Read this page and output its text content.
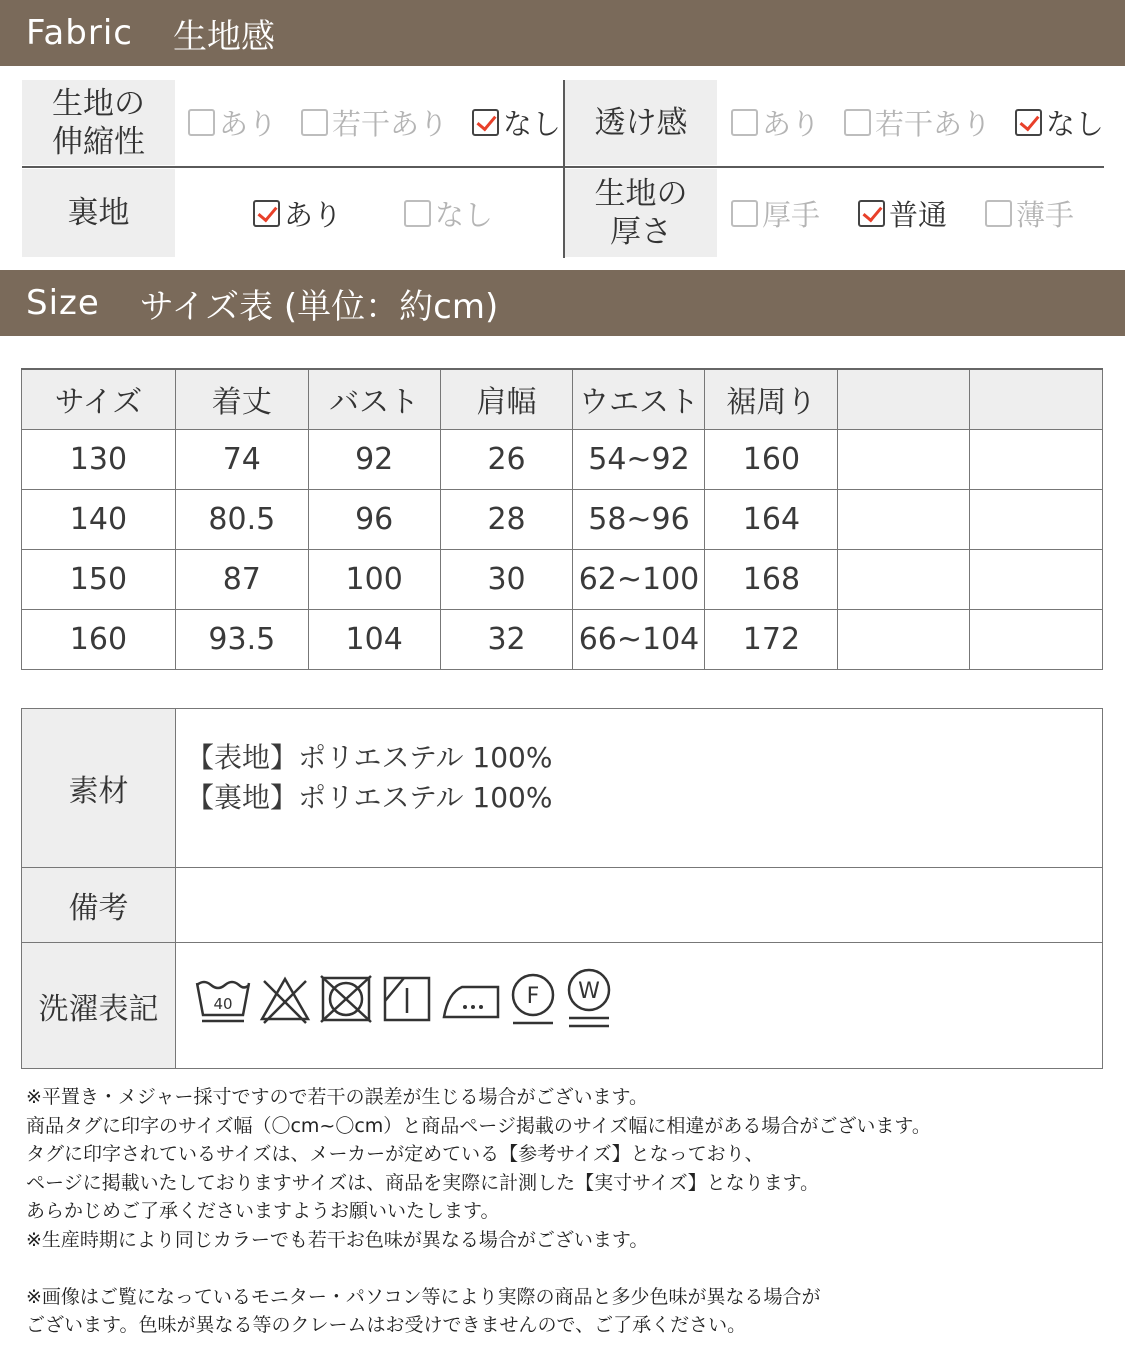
Fabric 生地感
生地の
伸縮性	あり 若干あり なし 透け感	あり 若干あり なし
裏地	あり	なし
生地の
厚さ	厚手 普通 薄手
Size サイズ表 (単位：約cm)
サイズ	着丈	バスト	肩幅	ウエスト	裾周り		
130	74	92	26	54~92	160		
140	80.5	96	28	58~96	164		
150	87	100	30	62~100	168		
160	93.5	104	32	66~104	172		
素材	【表地】ポリエステル 100%
【裏地】ポリエステル 100%

備考	
洗濯表記	40 F W
※平置き・メジャー採寸ですので若干の誤差が生じる場合がございます。
商品タグに印字のサイズ幅（〇cm~〇cm）と商品ページ掲載のサイズ幅に相違がある場合がございます。
タグに印字されているサイズは、メーカーが定めている【参考サイズ】となっており、
ページに掲載いたしておりますサイズは、商品を実際に計測した【実寸サイズ】となります。
あらかじめご了承くださいますようお願いいたします。
※生産時期により同じカラーでも若干お色味が異なる場合がございます。
※画像はご覧になっているモニター・パソコン等により実際の商品と多少色味が異なる場合が
ございます。色味が異なる等のクレームはお受けできませんので、ご了承ください。
